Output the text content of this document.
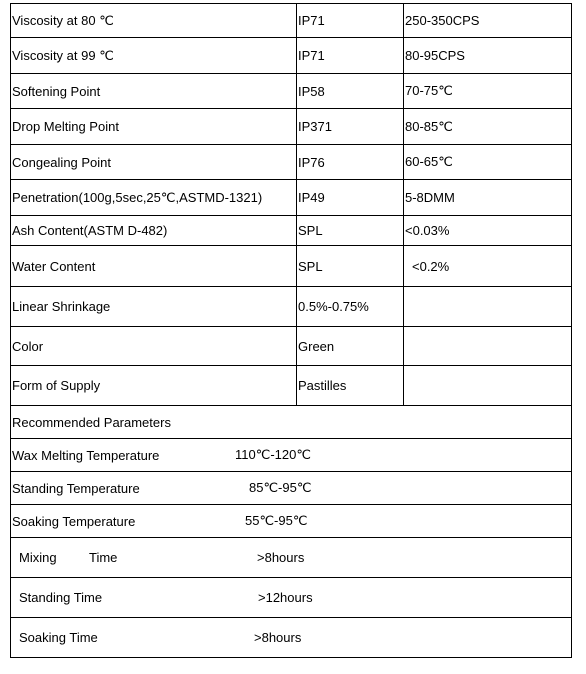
Viscosity at 80 ℃	IP71	250-350CPS
Viscosity at 99 ℃	IP71	80-95CPS
Softening Point	IP58	70-75℃
Drop Melting Point	IP371	80-85℃
Congealing Point	IP76	60-65℃
Penetration(100g,5sec,25℃,ASTMD-1321)	IP49	5-8DMM
Ash Content(ASTM D-482)	SPL	<0.03%
Water Content	SPL	<0.2%
Linear Shrinkage	0.5%-0.75%
Color	Green
Form of Supply	Pastilles
Recommended Parameters
Wax Melting Temperature	110℃-120℃
Standing Temperature	85℃-95℃
Soaking Temperature	55℃-95℃
Mixing Time	>8hours
Standing Time	>12hours
Soaking Time	>8hours
